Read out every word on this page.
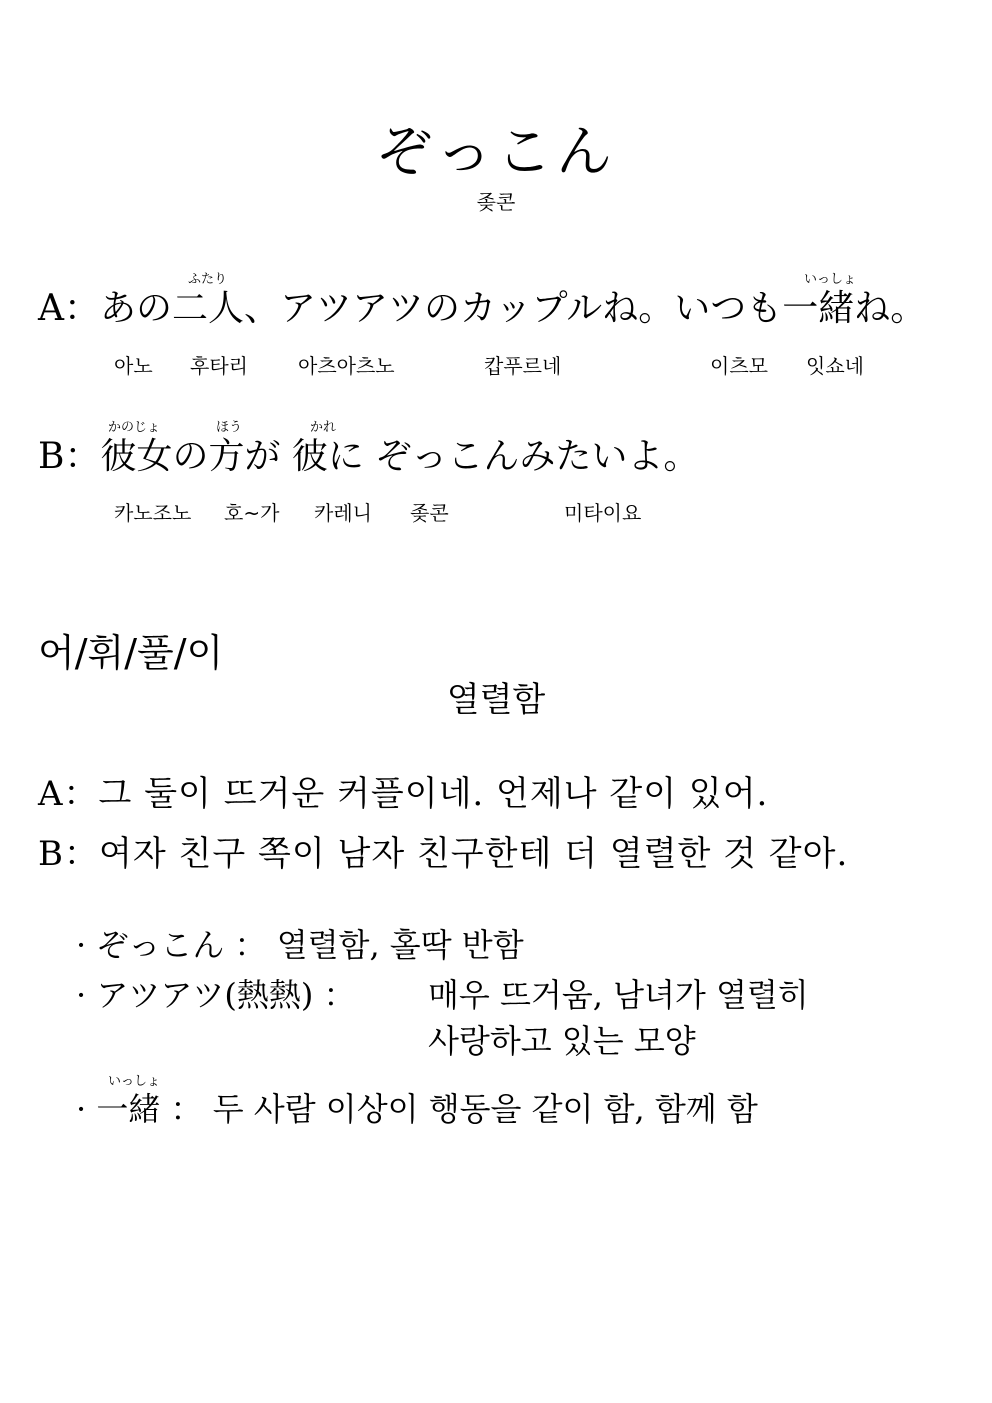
ぞっこん
좆콘
ふたり	いっしょ
A：あの二人、アツアツのカップルね。いつも一緒ね。
아노 후타리	아츠아츠노	캅푸르네	이츠모 잇쇼네
かのじょ	ほう	かれ
B：彼女の方が 彼に ぞっこんみたいよ。
카노조노 호~가 카레니 좆콘	미타이요
어/휘/풀/이
열렬함
A：그 둘이 뜨거운 커플이네. 언제나 같이 있어.
B：여자 친구 쪽이 남자 친구한테 더 열렬한 것 같아.
· ぞっこん ： 열렬함, 홀딱 반함
· アツアツ(熱熱) ： 매우 뜨거움, 남녀가 열렬히
사랑하고 있는 모양
いっしょ
· 一緒 ： 두 사람 이상이 행동을 같이 함, 함께 함
